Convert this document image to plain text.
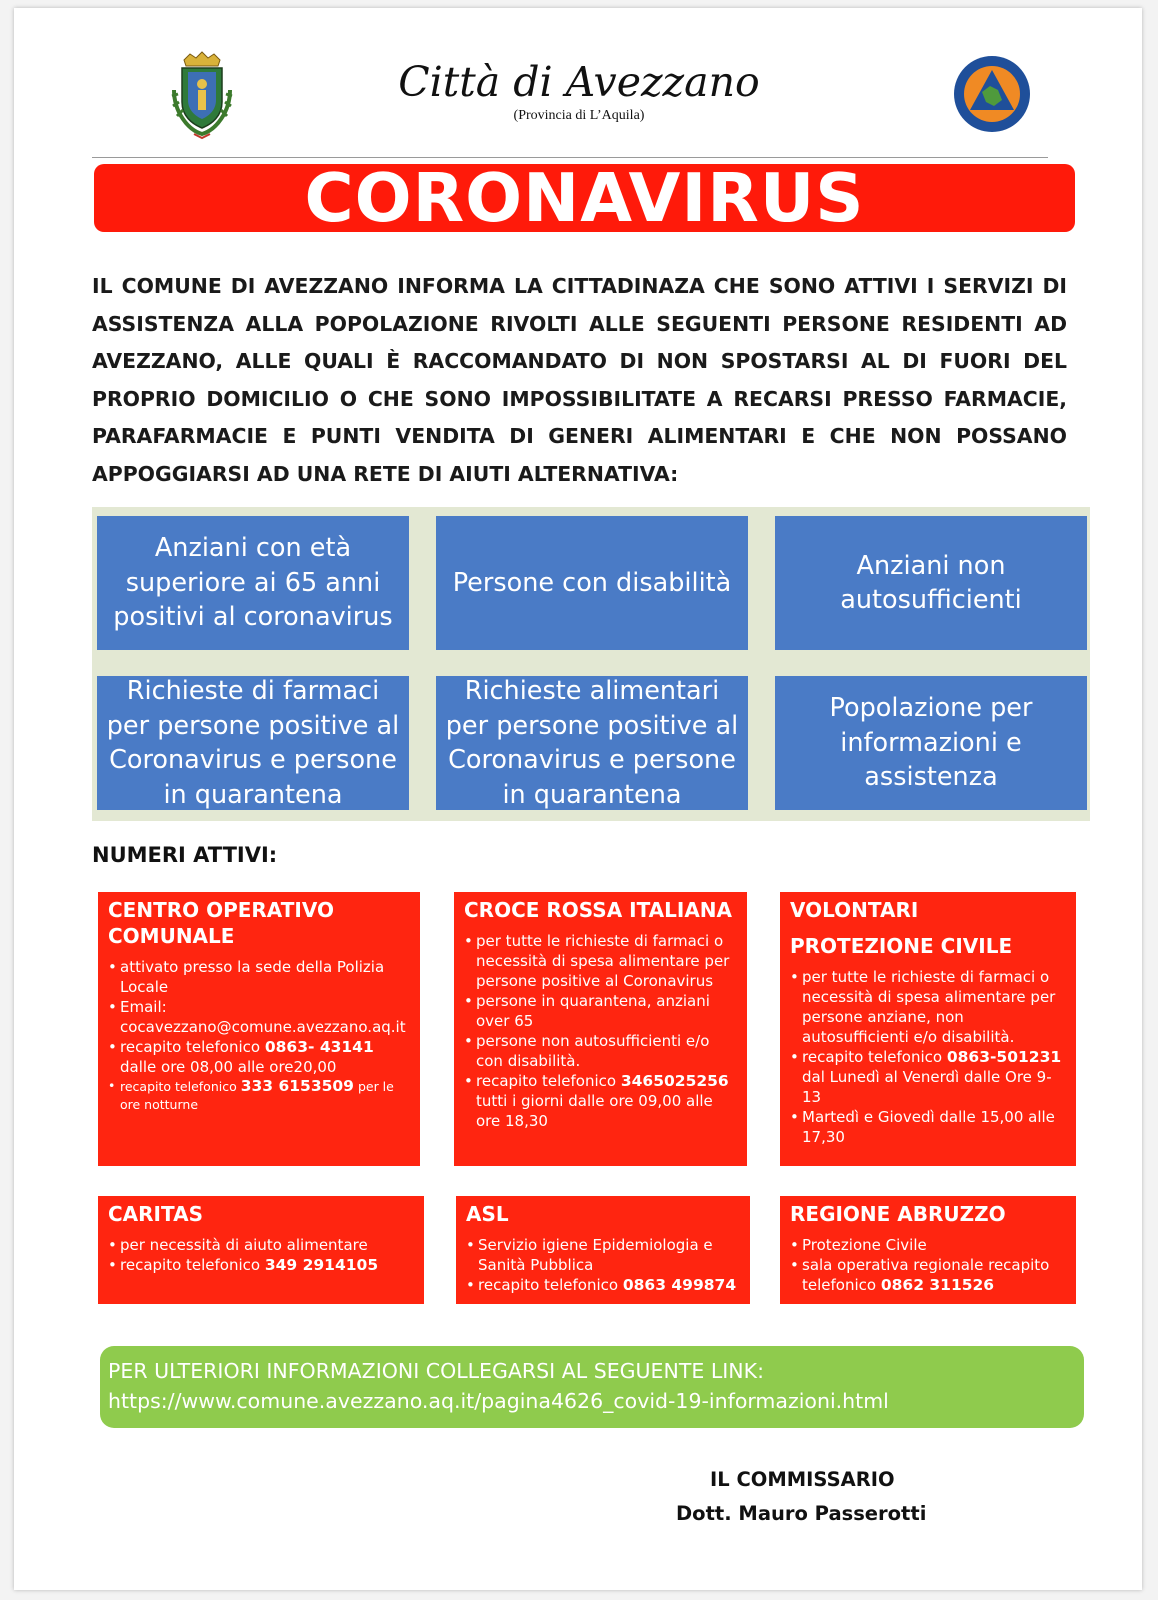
Città di Avezzano
(Provincia di L’Aquila)
CORONAVIRUS
IL COMUNE DI AVEZZANO INFORMA LA CITTADINAZA CHE SONO ATTIVI I SERVIZI DI ASSISTENZA ALLA POPOLAZIONE RIVOLTI ALLE SEGUENTI PERSONE RESIDENTI AD AVEZZANO, ALLE QUALI È RACCOMANDATO DI NON SPOSTARSI AL DI FUORI DEL PROPRIO DOMICILIO O CHE SONO IMPOSSIBILITATE A RECARSI PRESSO FARMACIE, PARAFARMACIE E PUNTI VENDITA DI GENERI ALIMENTARI E CHE NON POSSANO APPOGGIARSI AD UNA RETE DI AIUTI ALTERNATIVA:
Anziani con età superiore ai 65 anni positivi al coronavirus
Persone con disabilità
Anziani non autosufficienti
Richieste di farmaci per persone positive al Coronavirus e persone in quarantena
Richieste alimentari per persone positive al Coronavirus e persone in quarantena
Popolazione per informazioni e assistenza
NUMERI ATTIVI:
CENTRO OPERATIVO COMUNALE
• attivato presso la sede della Polizia Locale
• Email: cocavezzano@comune.avezzano.aq.it
• recapito telefonico 0863- 43141 dalle ore 08,00 alle ore20,00
• recapito telefonico 333 6153509 per le ore notturne
CROCE ROSSA ITALIANA
• per tutte le richieste di farmaci o necessità di spesa alimentare per persone positive al Coronavirus
• persone in quarantena, anziani over 65
• persone non autosufficienti e/o con disabilità.
• recapito telefonico 3465025256 tutti i giorni dalle ore 09,00 alle ore 18,30
VOLONTARI
PROTEZIONE CIVILE
• per tutte le richieste di farmaci o necessità di spesa alimentare per persone anziane, non autosufficienti e/o disabilità.
• recapito telefonico 0863-501231 dal Lunedì al Venerdì dalle Ore 9-13
• Martedì e Giovedì dalle 15,00 alle 17,30
CARITAS
• per necessità di aiuto alimentare
• recapito telefonico 349 2914105
ASL
• Servizio igiene Epidemiologia e Sanità Pubblica
• recapito telefonico 0863 499874
REGIONE ABRUZZO
• Protezione Civile
• sala operativa regionale recapito telefonico 0862 311526
PER ULTERIORI INFORMAZIONI COLLEGARSI AL SEGUENTE LINK:
https://www.comune.avezzano.aq.it/pagina4626_covid-19-informazioni.html
IL COMMISSARIO
Dott. Mauro Passerotti
